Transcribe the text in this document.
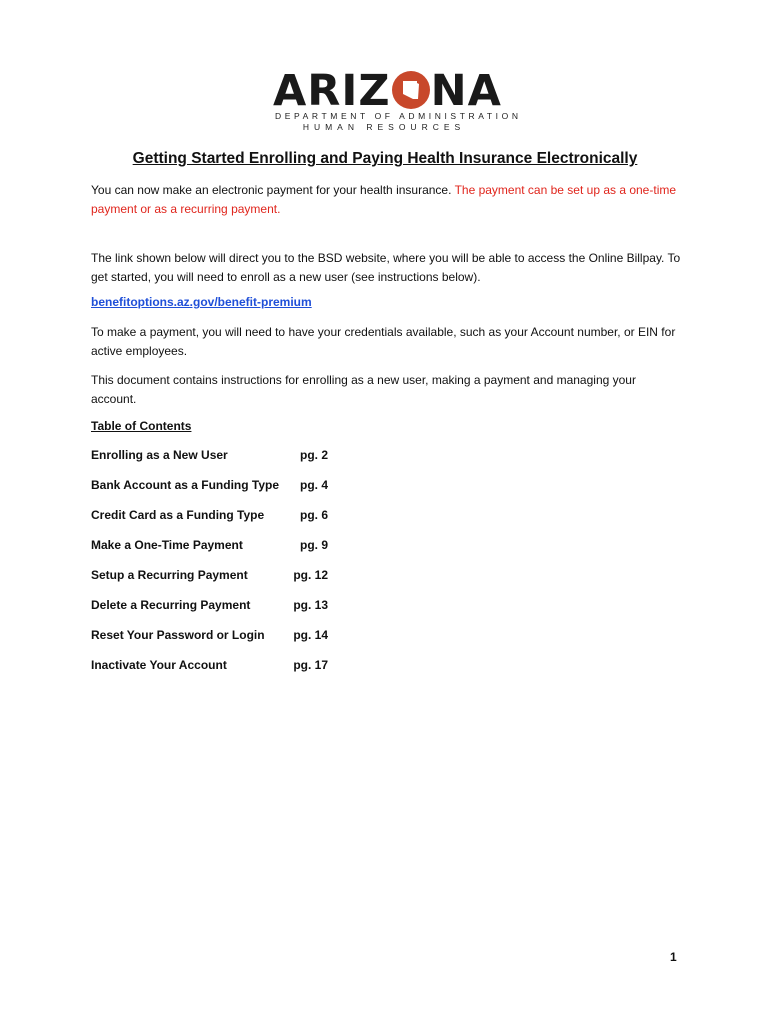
ARIZ NA
DEPARTMENT OF ADMINISTRATION
HUMAN RESOURCES
Getting Started Enrolling and Paying Health Insurance Electronically
You can now make an electronic payment for your health insurance. The payment can be set up as a one-time payment or as a recurring payment.
The link shown below will direct you to the BSD website, where you will be able to access the Online Billpay. To get started, you will need to enroll as a new user (see instructions below).
benefitoptions.az.gov/benefit-premium
To make a payment, you will need to have your credentials available, such as your Account number, or EIN for active employees.
This document contains instructions for enrolling as a new user, making a payment and managing your account.
Table of Contents
Enrolling as a New User	pg. 2
Bank Account as a Funding Type pg. 4
Credit Card as a Funding Type	pg. 6
Make a One-Time Payment	pg. 9
Setup a Recurring Payment	pg. 12
Delete a Recurring Payment	pg. 13
Reset Your Password or Login pg. 14
Inactivate Your Account	pg. 17
1
